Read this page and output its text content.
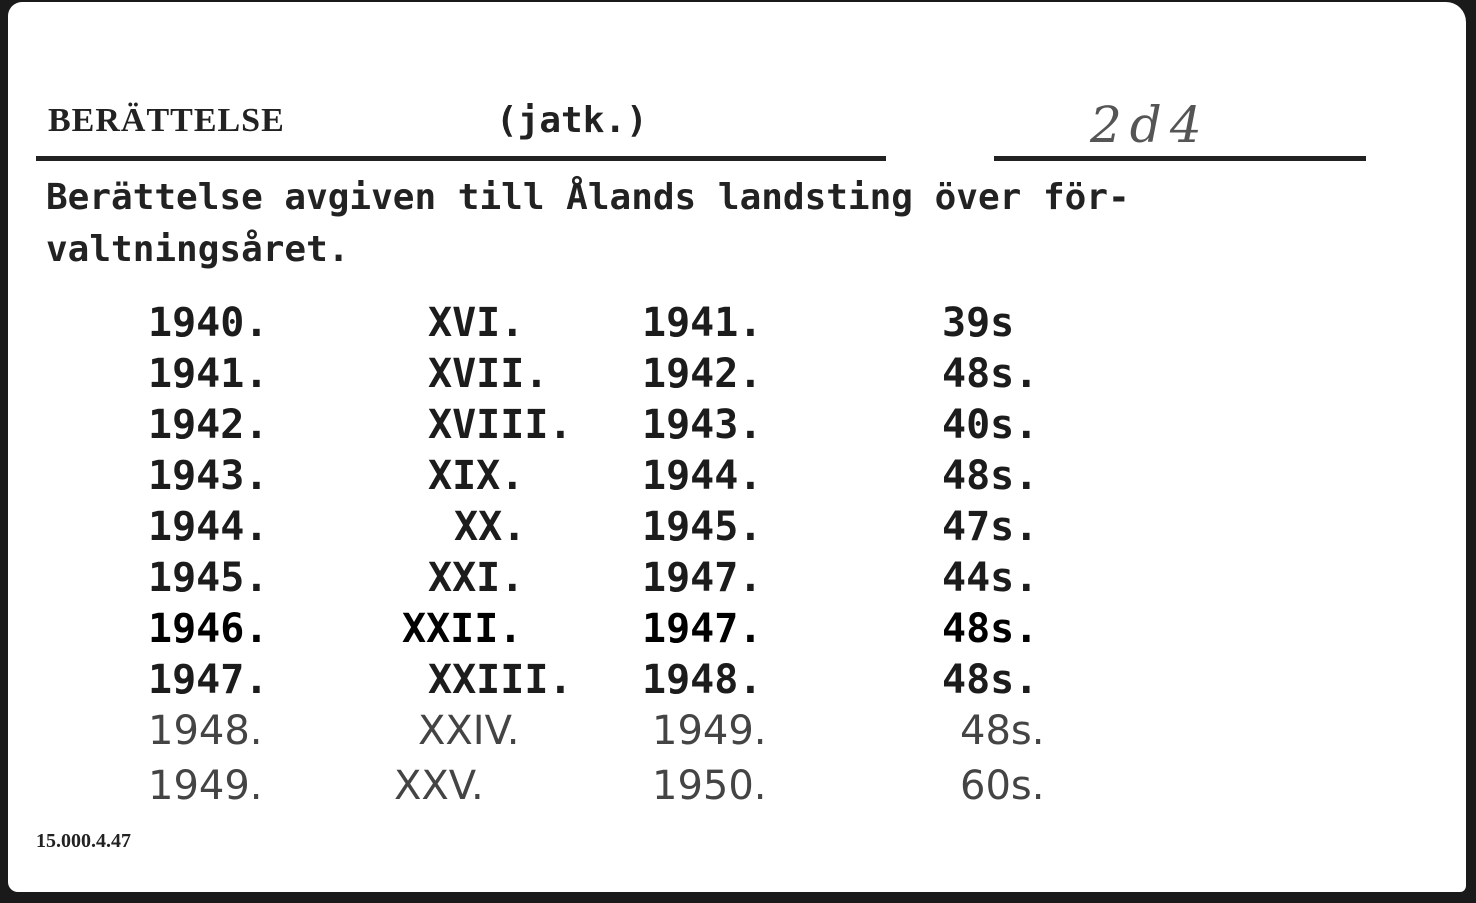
BERÄTTELSE	(jatk.)	2d4
Berättelse avgiven till Ålands landsting över för-
valtningsåret.
1940.	XVI.	1941.	39s
1941.	XVII.	1942.	48s.
1942.	XVIII.	1943.	40s.
1943.	XIX.	1944.	48s.
1944.	XX.	1945.	47s.
1945.	XXI.	1947.	44s.
1946.	XXII.	1947.	48s.
1947.	XXIII.	1948.	48s.
1948.	XXIV.	1949.	48s.
1949.	XXV.	1950.	60s.
15.000.4.47
